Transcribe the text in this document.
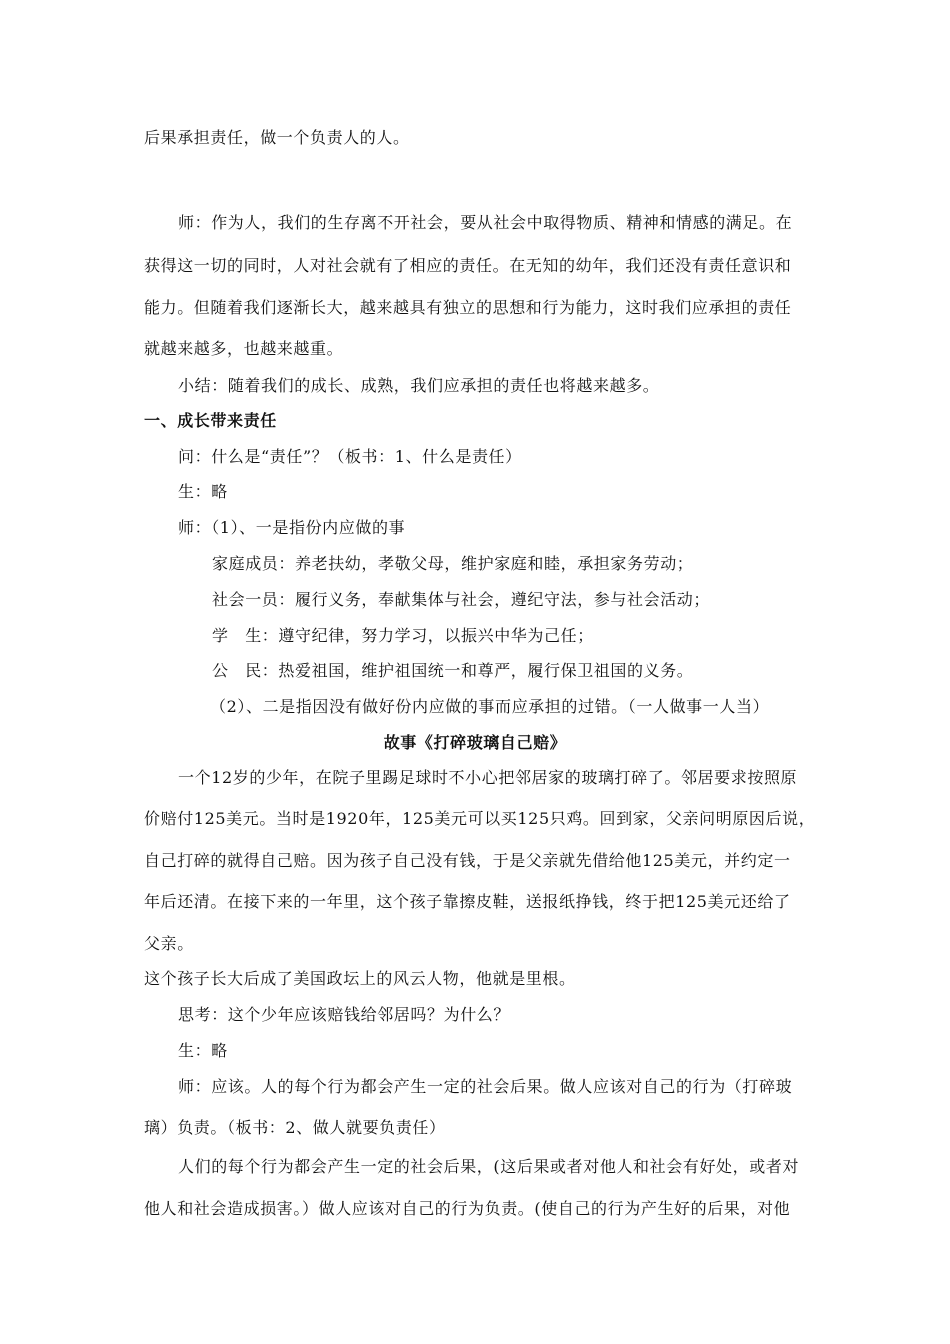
后果承担责任，做一个负责人的人。
师：作为人，我们的生存离不开社会，要从社会中取得物质、精神和情感的满足。在
获得这一切的同时，人对社会就有了相应的责任。在无知的幼年，我们还没有责任意识和
能力。但随着我们逐渐长大，越来越具有独立的思想和行为能力，这时我们应承担的责任
就越来越多，也越来越重。
小结：随着我们的成长、成熟，我们应承担的责任也将越来越多。
一、成长带来责任
问：什么是“责任”？（板书：1、什么是责任）
生：略
师：（1）、一是指份内应做的事
家庭成员：养老扶幼，孝敬父母，维护家庭和睦，承担家务劳动；
社会一员：履行义务，奉献集体与社会，遵纪守法，参与社会活动；
学　生：遵守纪律，努力学习，以振兴中华为己任；
公　民：热爱祖国，维护祖国统一和尊严，履行保卫祖国的义务。
（2）、二是指因没有做好份内应做的事而应承担的过错。（一人做事一人当）
故事《打碎玻璃自己赔》
一个12岁的少年，在院子里踢足球时不小心把邻居家的玻璃打碎了。邻居要求按照原
价赔付125美元。当时是1920年，125美元可以买125只鸡。回到家，父亲问明原因后说，
自己打碎的就得自己赔。因为孩子自己没有钱，于是父亲就先借给他125美元，并约定一
年后还清。在接下来的一年里，这个孩子靠擦皮鞋，送报纸挣钱，终于把125美元还给了
父亲。
这个孩子长大后成了美国政坛上的风云人物，他就是里根。
思考：这个少年应该赔钱给邻居吗？为什么？
生：略
师：应该。人的每个行为都会产生一定的社会后果。做人应该对自己的行为（打碎玻
璃）负责。（板书：2、做人就要负责任）
人们的每个行为都会产生一定的社会后果，(这后果或者对他人和社会有好处，或者对
他人和社会造成损害。）做人应该对自己的行为负责。(使自己的行为产生好的后果，对他
